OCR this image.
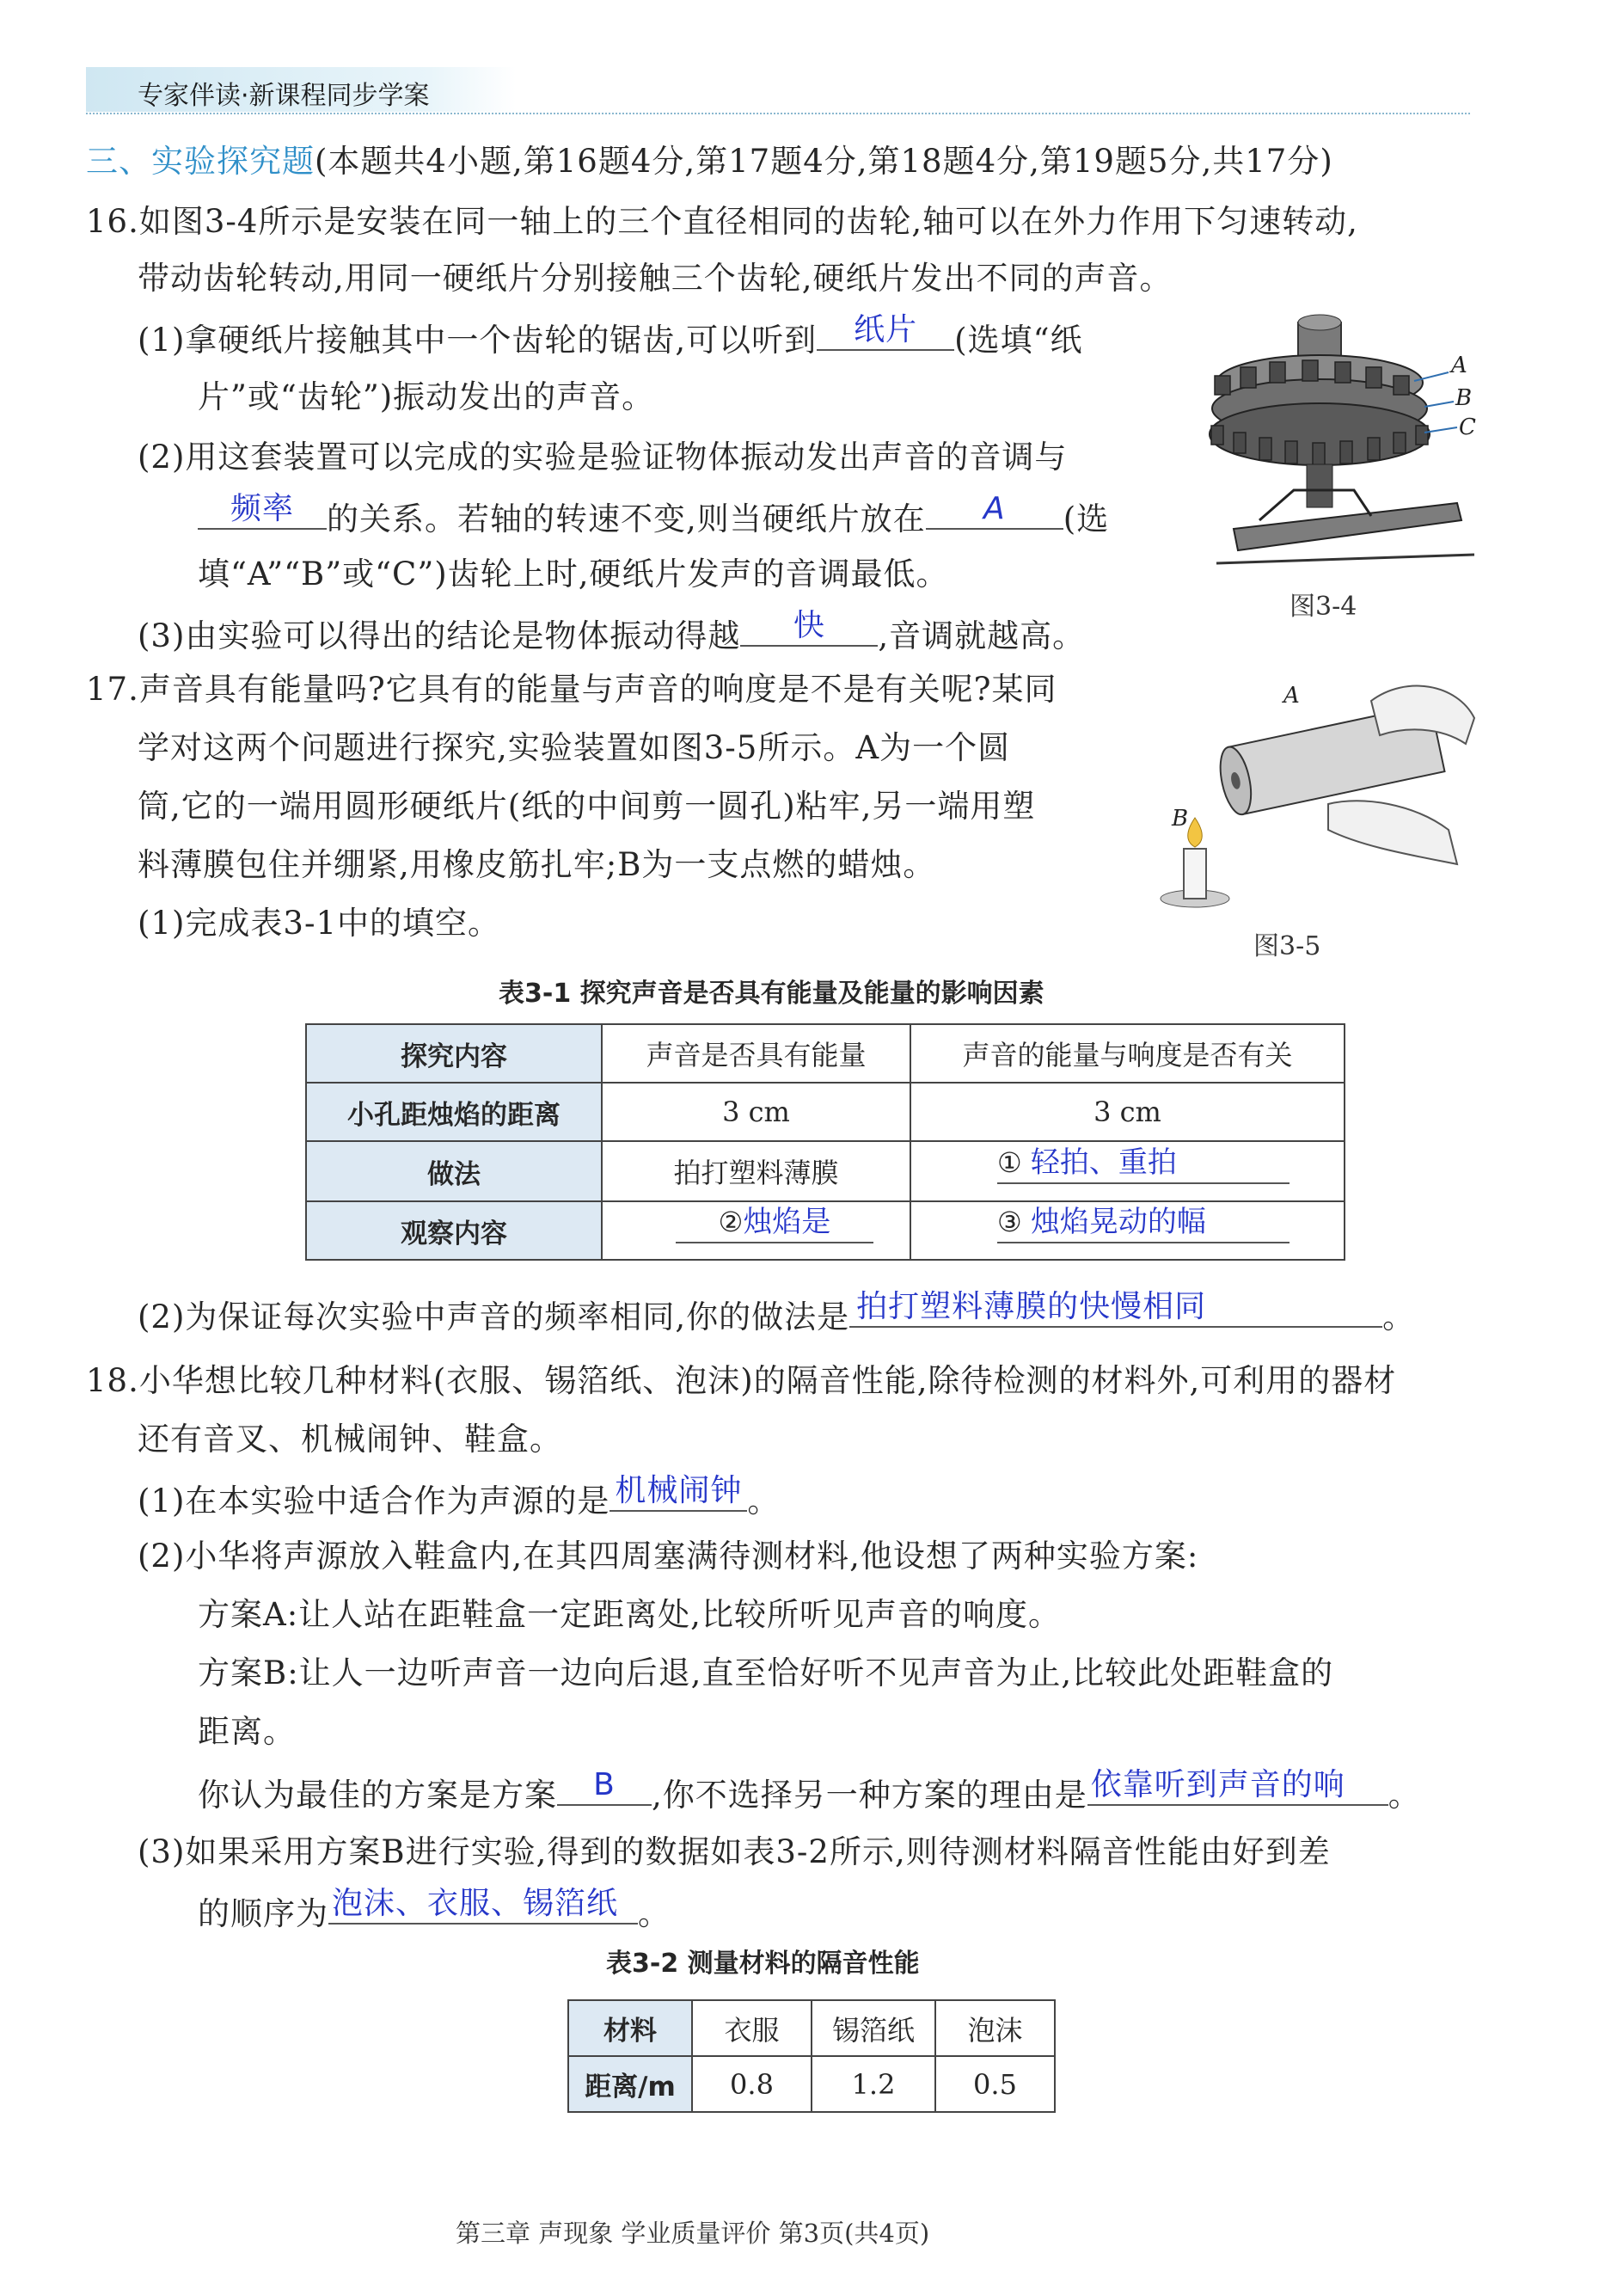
专家伴读·新课程同步学案
三、实验探究题(本题共4小题,第16题4分,第17题4分,第18题4分,第19题5分,共17分)
16.如图3-4所示是安装在同一轴上的三个直径相同的齿轮,轴可以在外力作用下匀速转动,
带动齿轮转动,用同一硬纸片分别接触三个齿轮,硬纸片发出不同的声音。
(1)拿硬纸片接触其中一个齿轮的锯齿,可以听到	纸片	(选填“纸
片”或“齿轮”)振动发出的声音。
(2)用这套装置可以完成的实验是验证物体振动发出声音的音调与
频率	的关系。若轴的转速不变,则当硬纸片放在	A	(选
填“A”“B”或“C”)齿轮上时,硬纸片发声的音调最低。
(3)由实验可以得出的结论是物体振动得越	快	,音调就越高。
A
B
C
图3-4
17.声音具有能量吗?它具有的能量与声音的响度是不是有关呢?某同
学对这两个问题进行探究,实验装置如图3-5所示。A为一个圆
筒,它的一端用圆形硬纸片(纸的中间剪一圆孔)粘牢,另一端用塑
料薄膜包住并绷紧,用橡皮筋扎牢;B为一支点燃的蜡烛。
(1)完成表3-1中的填空。
A
B
图3-5
表3-1 探究声音是否具有能量及能量的影响因素
探究内容	声音是否具有能量	声音的能量与响度是否有关
小孔距烛焰的距离	3 cm	3 cm
做法	拍打塑料薄膜	① 轻拍、重拍

观察内容	②烛焰是	③ 烛焰晃动的幅
(2)为保证每次实验中声音的频率相同,你的做法是 拍打塑料薄膜的快慢相同	。
18.小华想比较几种材料(衣服、锡箔纸、泡沫)的隔音性能,除待检测的材料外,可利用的器材
还有音叉、机械闹钟、鞋盒。
(1)在本实验中适合作为声源的是 机械闹钟 。
(2)小华将声源放入鞋盒内,在其四周塞满待测材料,他设想了两种实验方案:
方案A:让人站在距鞋盒一定距离处,比较所听见声音的响度。
方案B:让人一边听声音一边向后退,直至恰好听不见声音为止,比较此处距鞋盒的
距离。
你认为最佳的方案是方案	B	,你不选择另一种方案的理由是 依靠听到声音的响	。
(3)如果采用方案B进行实验,得到的数据如表3-2所示,则待测材料隔音性能由好到差
的顺序为 泡沫、衣服、锡箔纸 。
表3-2 测量材料的隔音性能
材料	衣服	锡箔纸	泡沫
距离/m	0.8	1.2	0.5
第三章 声现象 学业质量评价 第3页(共4页)
